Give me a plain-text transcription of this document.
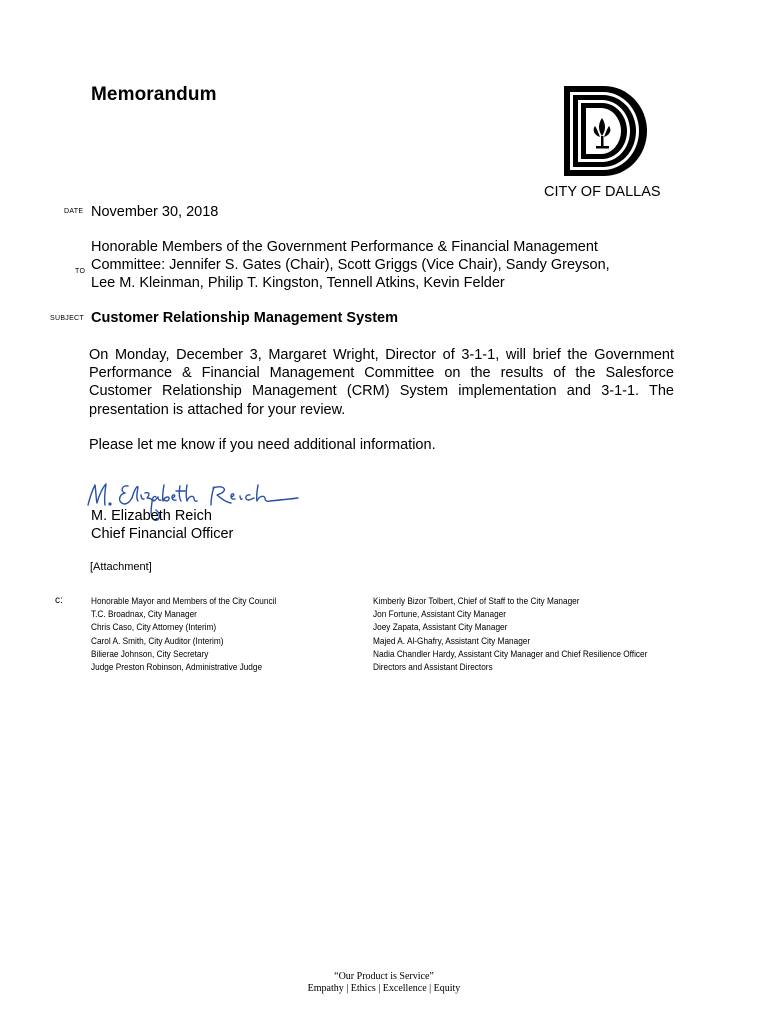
Memorandum
CITY OF DALLAS
DATE November 30, 2018
TO
Honorable Members of the Government Performance & Financial Management
Committee: Jennifer S. Gates (Chair), Scott Griggs (Vice Chair), Sandy Greyson,
Lee M. Kleinman, Philip T. Kingston, Tennell Atkins, Kevin Felder
SUBJECT Customer Relationship Management System
On Monday, December 3, Margaret Wright, Director of 3-1-1, will brief the Government Performance & Financial Management Committee on the results of the Salesforce Customer Relationship Management (CRM) System implementation and 3-1-1. The presentation is attached for your review.
Please let me know if you need additional information.
M. Elizabeth Reich
Chief Financial Officer
[Attachment]
c:	Honorable Mayor and Members of the City Council
T.C. Broadnax, City Manager
Chris Caso, City Attorney (Interim)
Carol A. Smith, City Auditor (Interim)
Bilierae Johnson, City Secretary
Judge Preston Robinson, Administrative Judge
Kimberly Bizor Tolbert, Chief of Staff to the City Manager
Jon Fortune, Assistant City Manager
Joey Zapata, Assistant City Manager
Majed A. Al-Ghafry, Assistant City Manager
Nadia Chandler Hardy, Assistant City Manager and Chief Resilience Officer
Directors and Assistant Directors
“Our Product is Service”
Empathy | Ethics | Excellence | Equity
